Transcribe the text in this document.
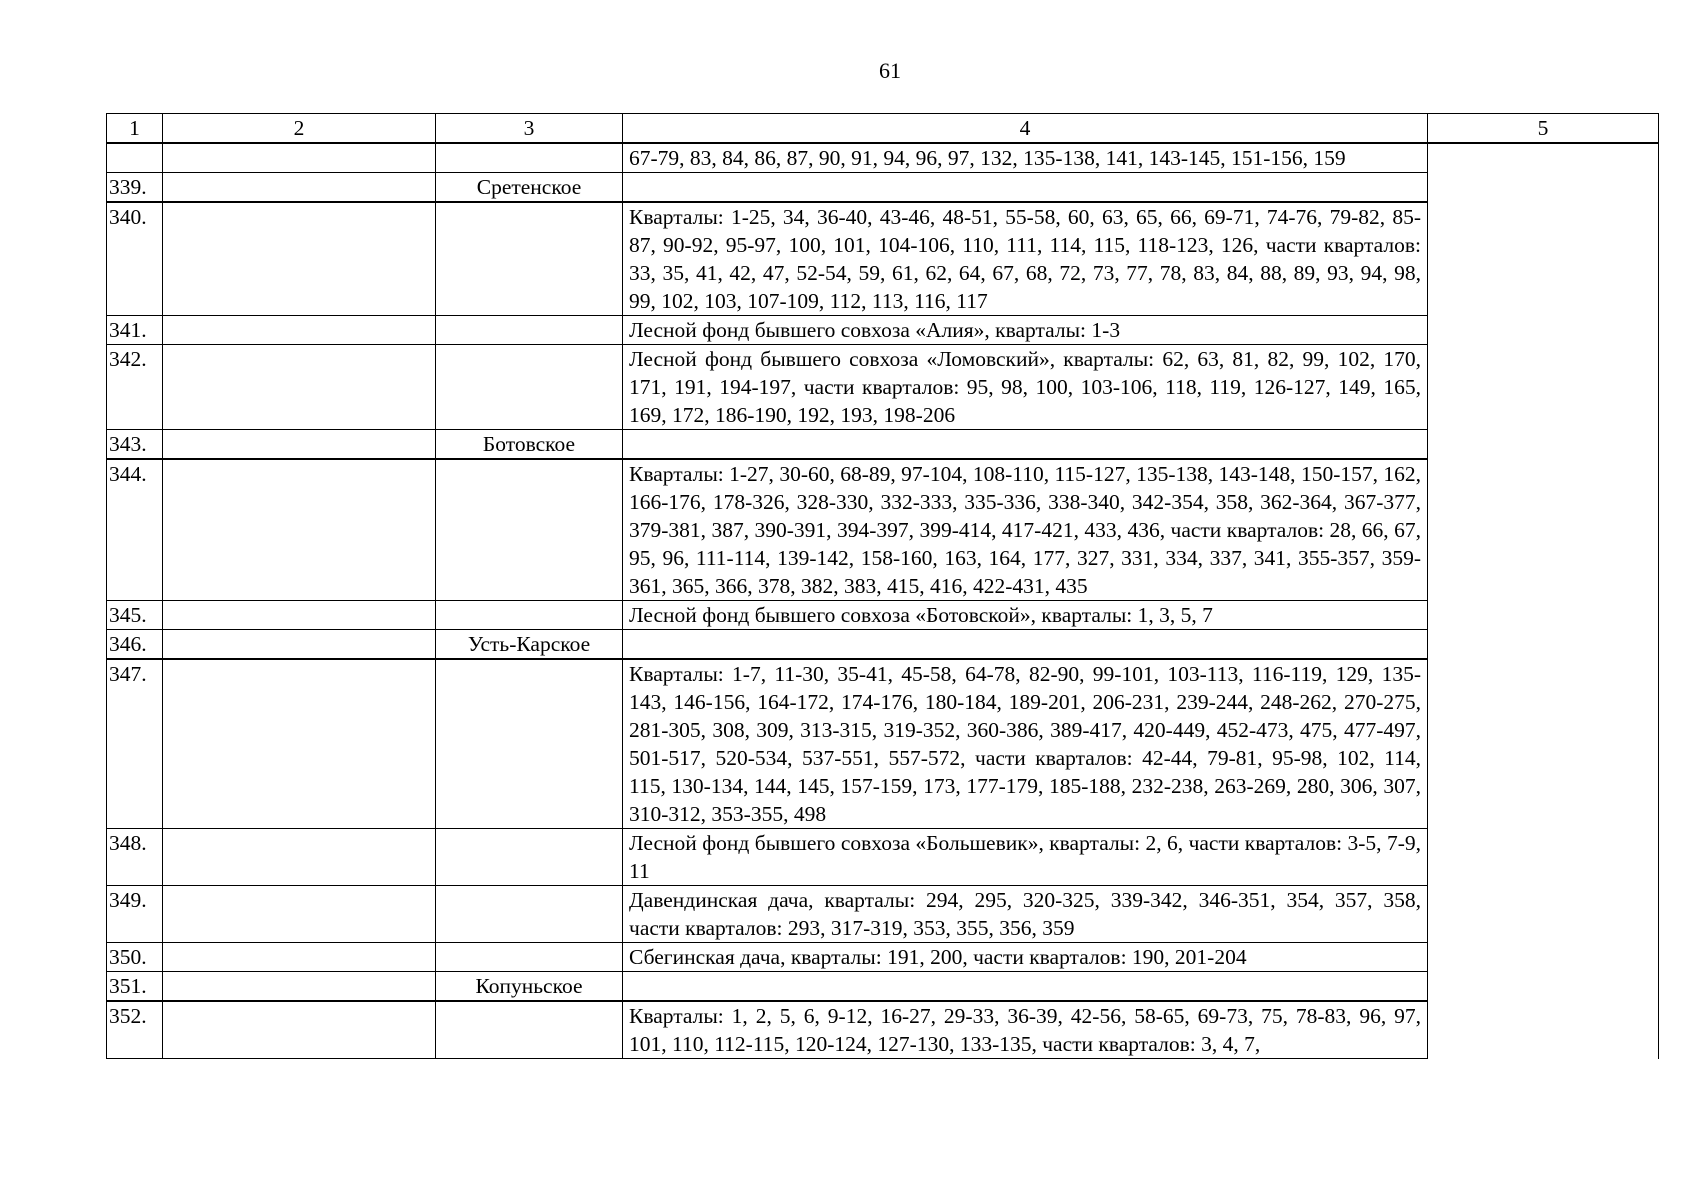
61
1	2	3	4	5
			67-79, 83, 84, 86, 87, 90, 91, 94, 96, 97, 132, 135-138, 141, 143-145, 151-156, 159	
339.		Сретенское		
340.			Кварталы: 1-25, 34, 36-40, 43-46, 48-51, 55-58, 60, 63, 65, 66, 69-71, 74-76, 79-82, 85-87, 90-92, 95-97, 100, 101, 104-106, 110, 111, 114, 115, 118-123, 126, части кварталов: 33, 35, 41, 42, 47, 52-54, 59, 61, 62, 64, 67, 68, 72, 73, 77, 78, 83, 84, 88, 89, 93, 94, 98, 99, 102, 103, 107-109, 112, 113, 116, 117	
341.			Лесной фонд бывшего совхоза «Алия», кварталы: 1-3	
342.			Лесной фонд бывшего совхоза «Ломовский», кварталы: 62, 63, 81, 82, 99, 102, 170, 171, 191, 194-197, части кварталов: 95, 98, 100, 103-106, 118, 119, 126-127, 149, 165, 169, 172, 186-190, 192, 193, 198-206	
343.		Ботовское		
344.			Кварталы: 1-27, 30-60, 68-89, 97-104, 108-110, 115-127, 135-138, 143-148, 150-157, 162, 166-176, 178-326, 328-330, 332-333, 335-336, 338-340, 342-354, 358, 362-364, 367-377, 379-381, 387, 390-391, 394-397, 399-414, 417-421, 433, 436, части кварталов: 28, 66, 67, 95, 96, 111-114, 139-142, 158-160, 163, 164, 177, 327, 331, 334, 337, 341, 355-357, 359-361, 365, 366, 378, 382, 383, 415, 416, 422-431, 435	
345.			Лесной фонд бывшего совхоза «Ботовской», кварталы: 1, 3, 5, 7	
346.		Усть-Карское		
347.			Кварталы: 1-7, 11-30, 35-41, 45-58, 64-78, 82-90, 99-101, 103-113, 116-119, 129, 135-143, 146-156, 164-172, 174-176, 180-184, 189-201, 206-231, 239-244, 248-262, 270-275, 281-305, 308, 309, 313-315, 319-352, 360-386, 389-417, 420-449, 452-473, 475, 477-497, 501-517, 520-534, 537-551, 557-572, части кварталов: 42-44, 79-81, 95-98, 102, 114, 115, 130-134, 144, 145, 157-159, 173, 177-179, 185-188, 232-238, 263-269, 280, 306, 307, 310-312, 353-355, 498	
348.			Лесной фонд бывшего совхоза «Большевик», кварталы: 2, 6, части кварталов: 3-5, 7-9, 11	
349.			Давендинская дача, кварталы: 294, 295, 320-325, 339-342, 346-351, 354, 357, 358, части кварталов: 293, 317-319, 353, 355, 356, 359	
350.			Сбегинская дача, кварталы: 191, 200, части кварталов: 190, 201-204	
351.		Копуньское		
352.			Кварталы: 1, 2, 5, 6, 9-12, 16-27, 29-33, 36-39, 42-56, 58-65, 69-73, 75, 78-83, 96, 97, 101, 110, 112-115, 120-124, 127-130, 133-135, части кварталов: 3, 4, 7,	
